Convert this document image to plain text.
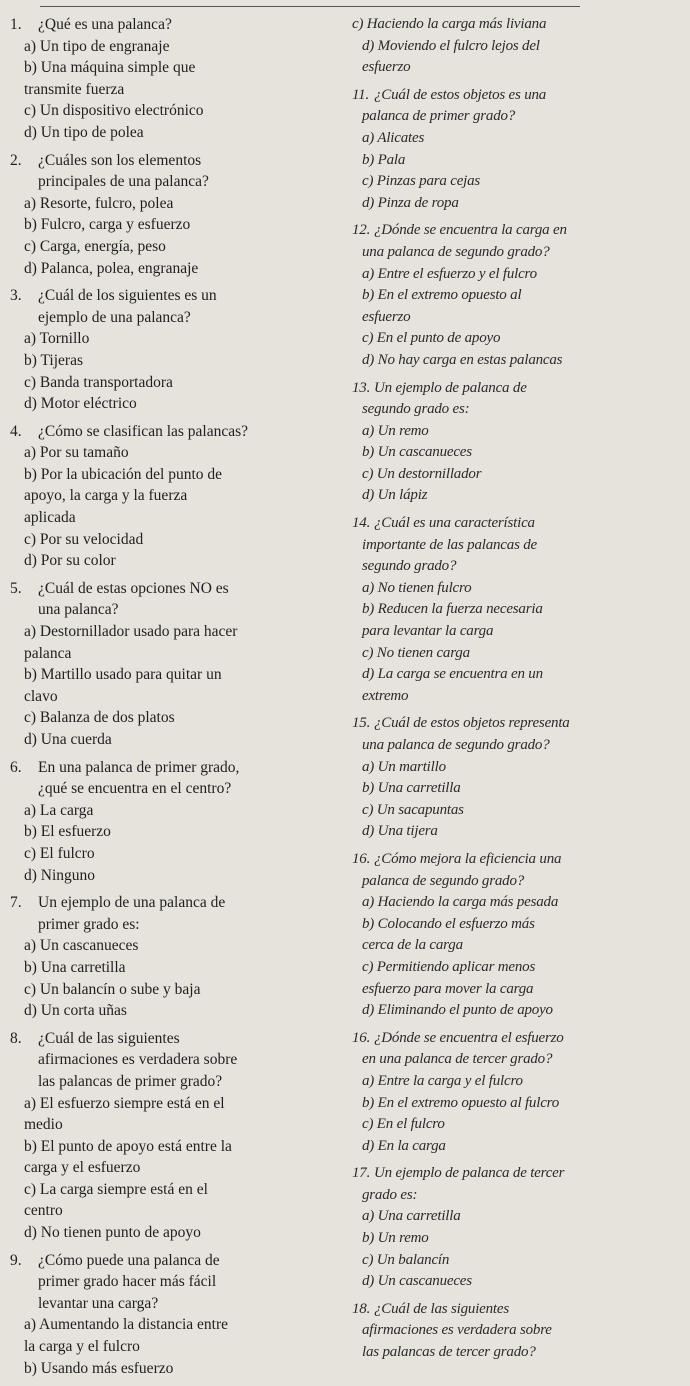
1. ¿Qué es una palanca?
a) Un tipo de engranaje
b) Una máquina simple que
transmite fuerza
c) Un dispositivo electrónico
d) Un tipo de polea
2. ¿Cuáles son los elementos
principales de una palanca?
a) Resorte, fulcro, polea
b) Fulcro, carga y esfuerzo
c) Carga, energía, peso
d) Palanca, polea, engranaje
3. ¿Cuál de los siguientes es un
ejemplo de una palanca?
a) Tornillo
b) Tijeras
c) Banda transportadora
d) Motor eléctrico
4. ¿Cómo se clasifican las palancas?
a) Por su tamaño
b) Por la ubicación del punto de
apoyo, la carga y la fuerza
aplicada
c) Por su velocidad
d) Por su color
5. ¿Cuál de estas opciones NO es
una palanca?
a) Destornillador usado para hacer
palanca
b) Martillo usado para quitar un
clavo
c) Balanza de dos platos
d) Una cuerda
6. En una palanca de primer grado,
¿qué se encuentra en el centro?
a) La carga
b) El esfuerzo
c) El fulcro
d) Ninguno
7. Un ejemplo de una palanca de
primer grado es:
a) Un cascanueces
b) Una carretilla
c) Un balancín o sube y baja
d) Un corta uñas
8. ¿Cuál de las siguientes
afirmaciones es verdadera sobre
las palancas de primer grado?
a) El esfuerzo siempre está en el
medio
b) El punto de apoyo está entre la
carga y el esfuerzo
c) La carga siempre está en el
centro
d) No tienen punto de apoyo
9. ¿Cómo puede una palanca de
primer grado hacer más fácil
levantar una carga?
a) Aumentando la distancia entre
la carga y el fulcro
b) Usando más esfuerzo
c) Haciendo la carga más liviana
d) Moviendo el fulcro lejos del
esfuerzo
11. ¿Cuál de estos objetos es una
palanca de primer grado?
a) Alicates
b) Pala
c) Pinzas para cejas
d) Pinza de ropa
12. ¿Dónde se encuentra la carga en
una palanca de segundo grado?
a) Entre el esfuerzo y el fulcro
b) En el extremo opuesto al
esfuerzo
c) En el punto de apoyo
d) No hay carga en estas palancas
13. Un ejemplo de palanca de
segundo grado es:
a) Un remo
b) Un cascanueces
c) Un destornillador
d) Un lápiz
14. ¿Cuál es una característica
importante de las palancas de
segundo grado?
a) No tienen fulcro
b) Reducen la fuerza necesaria
para levantar la carga
c) No tienen carga
d) La carga se encuentra en un
extremo
15. ¿Cuál de estos objetos representa
una palanca de segundo grado?
a) Un martillo
b) Una carretilla
c) Un sacapuntas
d) Una tijera
16. ¿Cómo mejora la eficiencia una
palanca de segundo grado?
a) Haciendo la carga más pesada
b) Colocando el esfuerzo más
cerca de la carga
c) Permitiendo aplicar menos
esfuerzo para mover la carga
d) Eliminando el punto de apoyo
16. ¿Dónde se encuentra el esfuerzo
en una palanca de tercer grado?
a) Entre la carga y el fulcro
b) En el extremo opuesto al fulcro
c) En el fulcro
d) En la carga
17. Un ejemplo de palanca de tercer
grado es:
a) Una carretilla
b) Un remo
c) Un balancín
d) Un cascanueces
18. ¿Cuál de las siguientes
afirmaciones es verdadera sobre
las palancas de tercer grado?
